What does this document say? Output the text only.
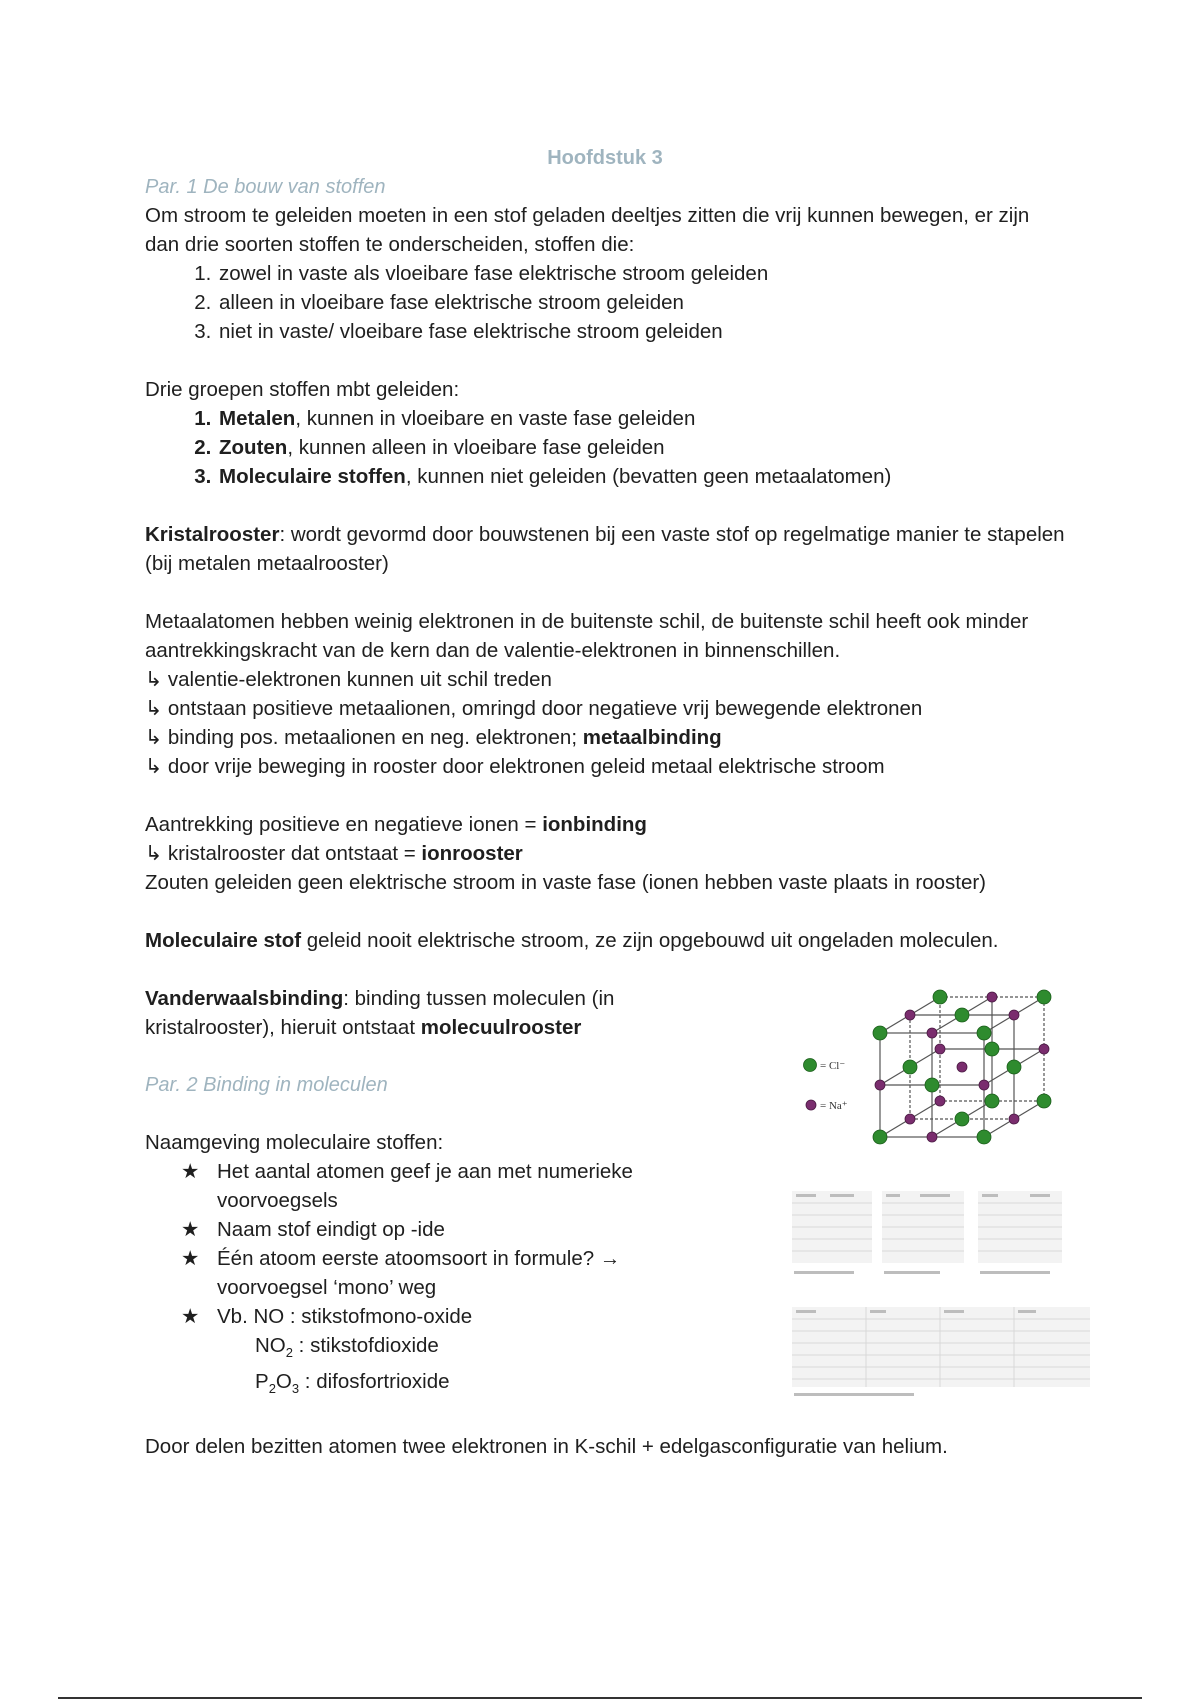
Hoofdstuk 3
Par. 1 De bouw van stoffen

Om stroom te geleiden moeten in een stof geladen deeltjes zitten die vrij kunnen bewegen, er zijn dan drie soorten stoffen te onderscheiden, stoffen die:

1. zowel in vaste als vloeibare fase elektrische stroom geleiden
2. alleen in vloeibare fase elektrische stroom geleiden
3. niet in vaste/ vloeibare fase elektrische stroom geleiden

Drie groepen stoffen mbt geleiden:

1. Metalen, kunnen in vloeibare en vaste fase geleiden
2. Zouten, kunnen alleen in vloeibare fase geleiden
3. Moleculaire stoffen, kunnen niet geleiden (bevatten geen metaalatomen)

Kristalrooster: wordt gevormd door bouwstenen bij een vaste stof op regelmatige manier te stapelen (bij metalen metaalrooster)

Metaalatomen hebben weinig elektronen in de buitenste schil, de buitenste schil heeft ook minder aantrekkingskracht van de kern dan de valentie-elektronen in binnenschillen.

↳ valentie-elektronen kunnen uit schil treden

↳ ontstaan positieve metaalionen, omringd door negatieve vrij bewegende elektronen

↳ binding pos. metaalionen en neg. elektronen; metaalbinding

↳ door vrije beweging in rooster door elektronen geleid metaal elektrische stroom

Aantrekking positieve en negatieve ionen = ionbinding

↳ kristalrooster dat ontstaat = ionrooster

Zouten geleiden geen elektrische stroom in vaste fase (ionen hebben vaste plaats in rooster)

Moleculaire stof geleid nooit elektrische stroom, ze zijn opgebouwd uit ongeladen moleculen.

Vanderwaalsbinding: binding tussen moleculen (in kristalrooster), hieruit ontstaat molecuulrooster

Par. 2 Binding in moleculen

Naamgeving moleculaire stoffen:

★ Het aantal atomen geef je aan met numerieke voorvoegsels
★ Naam stof eindigt op -ide
★ Één atoom eerste atoomsoort in formule? → voorvoegsel ‘mono’ weg
★ Vb. NO : stikstofmono-oxide

$NO_2$ : stikstofdioxide

$P_2O_3$ : difosfortrioxide

Door delen bezitten atomen twee elektronen in K-schil + edelgasconfiguratie van helium.

= Cl⁻
= Na⁺
